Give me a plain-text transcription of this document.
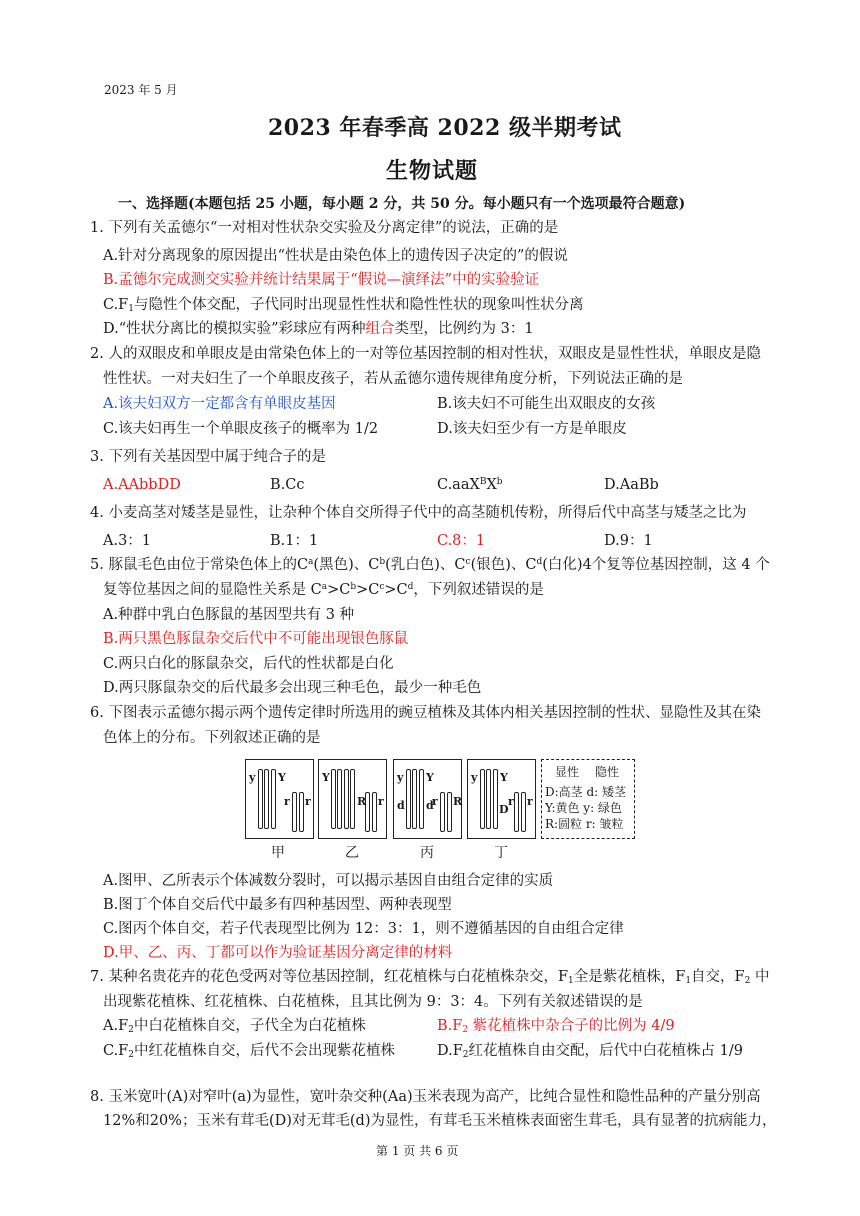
2023 年 5 月
2023 年春季高 2022 级半期考试
生物试题
一、选择题(本题包括 25 小题，每小题 2 分，共 50 分。每小题只有一个选项最符合题意)
1. 下列有关孟德尔“一对相对性状杂交实验及分离定律”的说法，正确的是
A.针对分离现象的原因提出“性状是由染色体上的遗传因子决定的”的假说
B.孟德尔完成测交实验并统计结果属于“假说—演绎法”中的实验验证
$C.F_1$与隐性个体交配，子代同时出现显性性状和隐性性状的现象叫性状分离
D.“性状分离比的模拟实验”彩球应有两种组合类型，比例约为 3：1
2. 人的双眼皮和单眼皮是由常染色体上的一对等位基因控制的相对性状，双眼皮是显性性状，单眼皮是隐
性性状。一对夫妇生了一个单眼皮孩子，若从孟德尔遗传规律角度分析，下列说法正确的是
A.该夫妇双方一定都含有单眼皮基因	B.该夫妇不可能生出双眼皮的女孩
C.该夫妇再生一个单眼皮孩子的概率为 1/2	D.该夫妇至少有一方是单眼皮
3. 下列有关基因型中属于纯合子的是
A.AAbbDD	B.Cc	$C.aaX^BX^b$	D.AaBb
4. 小麦高茎对矮茎是显性，让杂种个体自交所得子代中的高茎随机传粉，所得后代中高茎与矮茎之比为
A.3：1	B.1：1	C.8：1	D.9：1
5. 豚鼠毛色由位于常染色体上的$C^a$(黑色)、$C^b$(乳白色)、$C^c$(银色)、$C^d$(白化)4个复等位基因控制，这 4 个
复等位基因之间的显隐性关系是 $C^a>C^b>C^c>C^d$，下列叙述错误的是
A.种群中乳白色豚鼠的基因型共有 3 种
B.两只黑色豚鼠杂交后代中不可能出现银色豚鼠
C.两只白化的豚鼠杂交，后代的性状都是白化
D.两只豚鼠杂交的后代最多会出现三种毛色，最少一种毛色
6. 下图表示孟德尔揭示两个遗传定律时所选用的豌豆植株及其体内相关基因控制的性状、显隐性及其在染
色体上的分布。下列叙述正确的是
y Y
r r
Y
R r
y Y
d d
r R
y Y
D
r r
显性 隐性
D:高茎 d: 矮茎
Y:黄色 y: 绿色
R:圆粒 r: 皱粒
甲	乙	丙	丁
A.图甲、乙所表示个体减数分裂时，可以揭示基因自由组合定律的实质
B.图丁个体自交后代中最多有四种基因型、两种表现型
C.图丙个体自交，若子代表现型比例为 12：3：1，则不遵循基因的自由组合定律
D.甲、乙、丙、丁都可以作为验证基因分离定律的材料
7. 某种名贵花卉的花色受两对等位基因控制，红花植株与白花植株杂交，$F_1$全是紫花植株，$F_1$自交，$F_2$ 中
出现紫花植株、红花植株、白花植株，且其比例为 9：3：4。下列有关叙述错误的是
$A.F_2$中白花植株自交，子代全为白花植株	$B.F_2$ 紫花植株中杂合子的比例为 4/9
$C.F_2$中红花植株自交，后代不会出现紫花植株	$D.F_2$红花植株自由交配，后代中白花植株占 1/9
8. 玉米宽叶(A)对窄叶(a)为显性，宽叶杂交种(Aa)玉米表现为高产，比纯合显性和隐性品种的产量分别高
12%和20%；玉米有茸毛(D)对无茸毛(d)为显性，有茸毛玉米植株表面密生茸毛，具有显著的抗病能力，
第 1 页 共 6 页
